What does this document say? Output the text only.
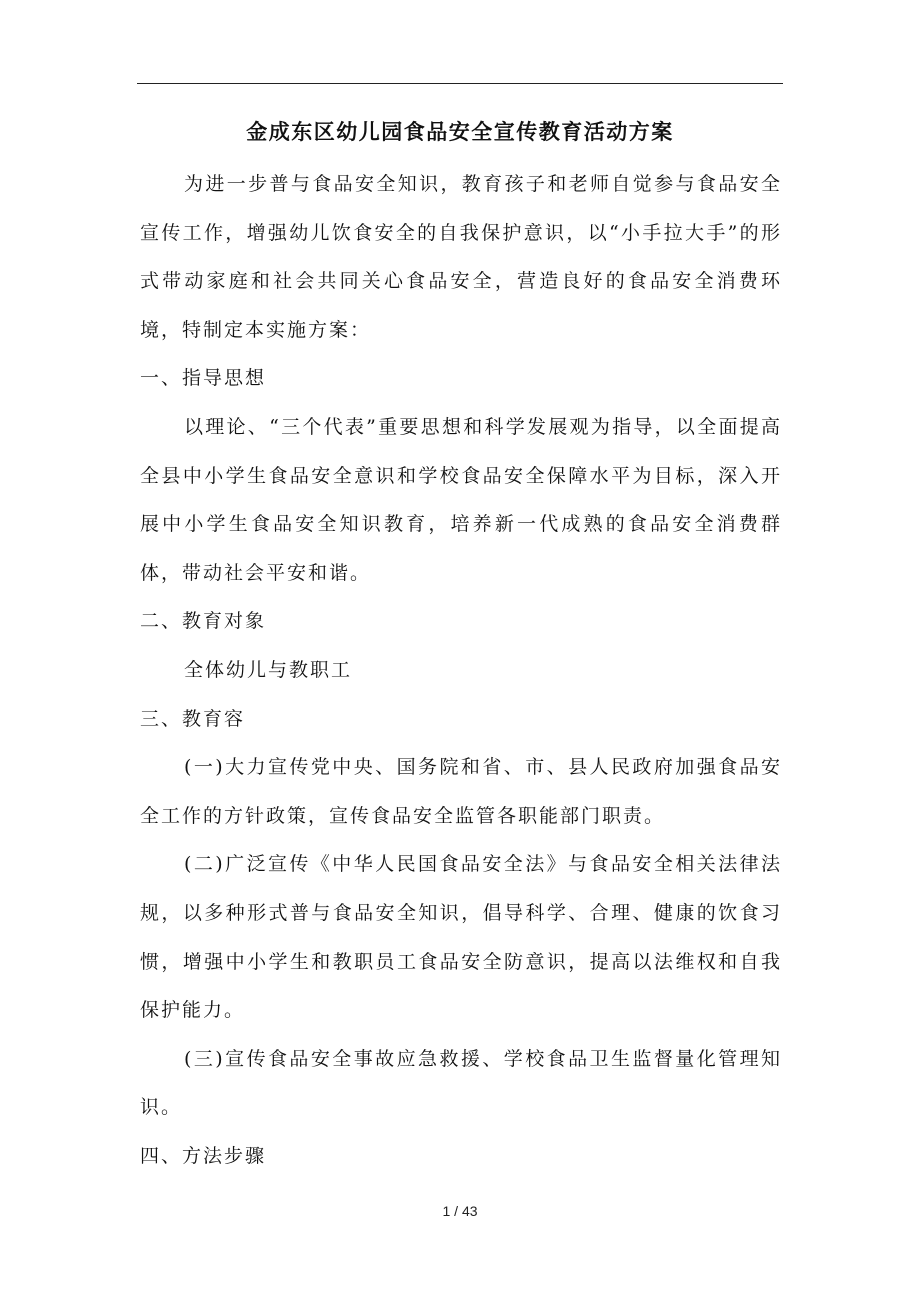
金成东区幼儿园食品安全宣传教育活动方案

为进一步普与食品安全知识，教育孩子和老师自觉参与食品安全宣传工作，增强幼儿饮食安全的自我保护意识，以“小手拉大手”的形式带动家庭和社会共同关心食品安全，营造良好的食品安全消费环境，特制定本实施方案：

一、指导思想

以理论、“三个代表”重要思想和科学发展观为指导，以全面提高全县中小学生食品安全意识和学校食品安全保障水平为目标，深入开展中小学生食品安全知识教育，培养新一代成熟的食品安全消费群体，带动社会平安和谐。

二、教育对象

全体幼儿与教职工

三、教育容

(一)大力宣传党中央、国务院和省、市、县人民政府加强食品安全工作的方针政策，宣传食品安全监管各职能部门职责。

(二)广泛宣传《中华人民国食品安全法》与食品安全相关法律法规，以多种形式普与食品安全知识，倡导科学、合理、健康的饮食习惯，增强中小学生和教职员工食品安全防意识，提高以法维权和自我保护能力。

(三)宣传食品安全事故应急救援、学校食品卫生监督量化管理知识。

四、方法步骤

1 / 43
